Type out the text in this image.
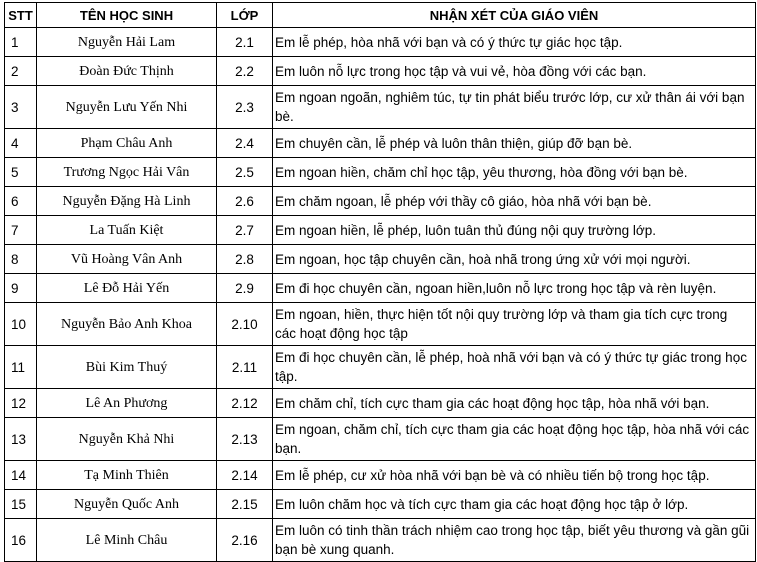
STT	TÊN HỌC SINH	LỚP	NHẬN XÉT CỦA GIÁO VIÊN
1	Nguyễn Hải Lam	2.1	Em lễ phép, hòa nhã với bạn và có ý thức tự giác học tập.
2	Đoàn Đức Thịnh	2.2	Em luôn nỗ lực trong học tập và vui vẻ, hòa đồng với các bạn.
3	Nguyễn Lưu Yến Nhi	2.3	Em ngoan ngoãn, nghiêm túc, tự tin phát biểu trước lớp, cư xử thân ái với bạn bè.
4	Phạm Châu Anh	2.4	Em chuyên cần, lễ phép và luôn thân thiện, giúp đỡ bạn bè.
5	Trương Ngọc Hải Vân	2.5	Em ngoan hiền, chăm chỉ học tập, yêu thương, hòa đồng với bạn bè.
6	Nguyễn Đặng Hà Linh	2.6	Em chăm ngoan, lễ phép với thầy cô giáo, hòa nhã với bạn bè.
7	La Tuấn Kiệt	2.7	Em ngoan hiền, lễ phép, luôn tuân thủ đúng nội quy trường lớp.
8	Vũ Hoàng Vân Anh	2.8	Em ngoan, học tập chuyên cần, hoà nhã trong ứng xử với mọi người.
9	Lê Đỗ Hải Yến	2.9	Em đi học chuyên cần, ngoan hiền,luôn nỗ lực trong học tập và rèn luyện.
10	Nguyễn Bảo Anh Khoa	2.10	Em ngoan, hiền, thực hiện tốt nội quy trường lớp và tham gia tích cực trong các hoạt động học tập
11	Bùi Kim Thuý	2.11	Em đi học chuyên cần, lễ phép, hoà nhã với bạn và có ý thức tự giác trong học tập.
12	Lê An Phương	2.12	Em chăm chỉ, tích cực tham gia các hoạt động học tập, hòa nhã với bạn.
13	Nguyễn Khả Nhi	2.13	Em ngoan, chăm chỉ, tích cực tham gia các hoạt động học tập, hòa nhã với các bạn.
14	Tạ Minh Thiên	2.14	Em lễ phép, cư xử hòa nhã với bạn bè và có nhiều tiến bộ trong học tập.
15	Nguyễn Quốc Anh	2.15	Em luôn chăm học và tích cực tham gia các hoạt động học tập ở lớp.
16	Lê Minh Châu	2.16	Em luôn có tinh thần trách nhiệm cao trong học tập, biết yêu thương và gần gũi bạn bè xung quanh.
